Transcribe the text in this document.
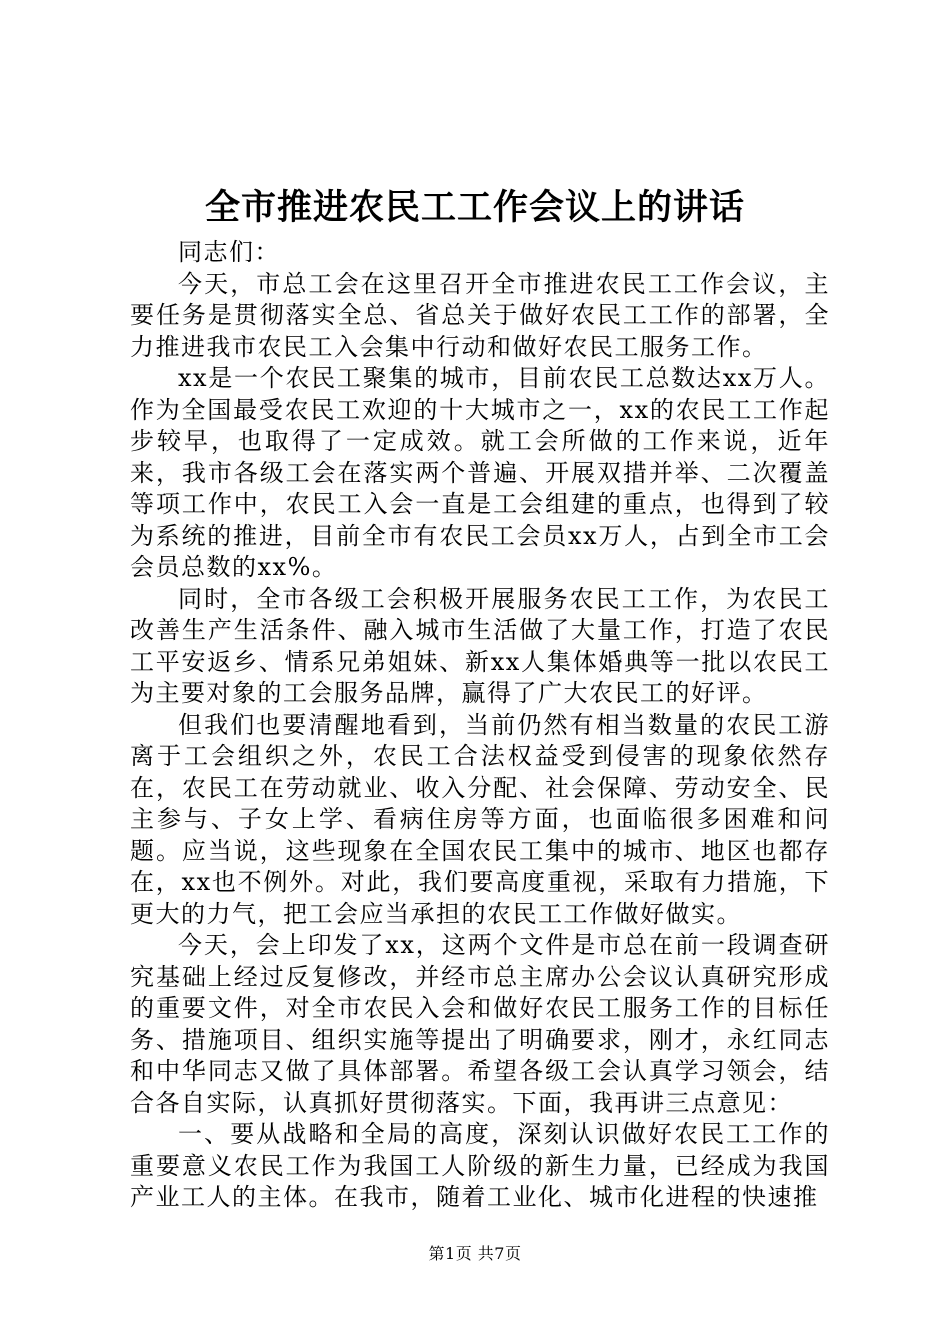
全市推进农民工工作会议上的讲话

同志们：

今天，市总工会在这里召开全市推进农民工工作会议，主要任务是贯彻落实全总、省总关于做好农民工工作的部署，全力推进我市农民工入会集中行动和做好农民工服务工作。

xx是一个农民工聚集的城市，目前农民工总数达xx万人。作为全国最受农民工欢迎的十大城市之一，xx的农民工工作起步较早，也取得了一定成效。就工会所做的工作来说，近年来，我市各级工会在落实两个普遍、开展双措并举、二次覆盖等项工作中，农民工入会一直是工会组建的重点，也得到了较为系统的推进，目前全市有农民工会员xx万人，占到全市工会会员总数的xx%。

同时，全市各级工会积极开展服务农民工工作，为农民工改善生产生活条件、融入城市生活做了大量工作，打造了农民工平安返乡、情系兄弟姐妹、新xx人集体婚典等一批以农民工为主要对象的工会服务品牌，赢得了广大农民工的好评。

但我们也要清醒地看到，当前仍然有相当数量的农民工游离于工会组织之外，农民工合法权益受到侵害的现象依然存在，农民工在劳动就业、收入分配、社会保障、劳动安全、民主参与、子女上学、看病住房等方面，也面临很多困难和问题。应当说，这些现象在全国农民工集中的城市、地区也都存在，xx也不例外。对此，我们要高度重视，采取有力措施，下更大的力气，把工会应当承担的农民工工作做好做实。

今天，会上印发了xx，这两个文件是市总在前一段调查研究基础上经过反复修改，并经市总主席办公会议认真研究形成的重要文件，对全市农民入会和做好农民工服务工作的目标任务、措施项目、组织实施等提出了明确要求，刚才，永红同志和中华同志又做了具体部署。希望各级工会认真学习领会，结合各自实际，认真抓好贯彻落实。下面，我再讲三点意见：

一、要从战略和全局的高度，深刻认识做好农民工工作的重要意义农民工作为我国工人阶级的新生力量，已经成为我国产业工人的主体。在我市，随着工业化、城市化进程的快速推

第1页 共7页
